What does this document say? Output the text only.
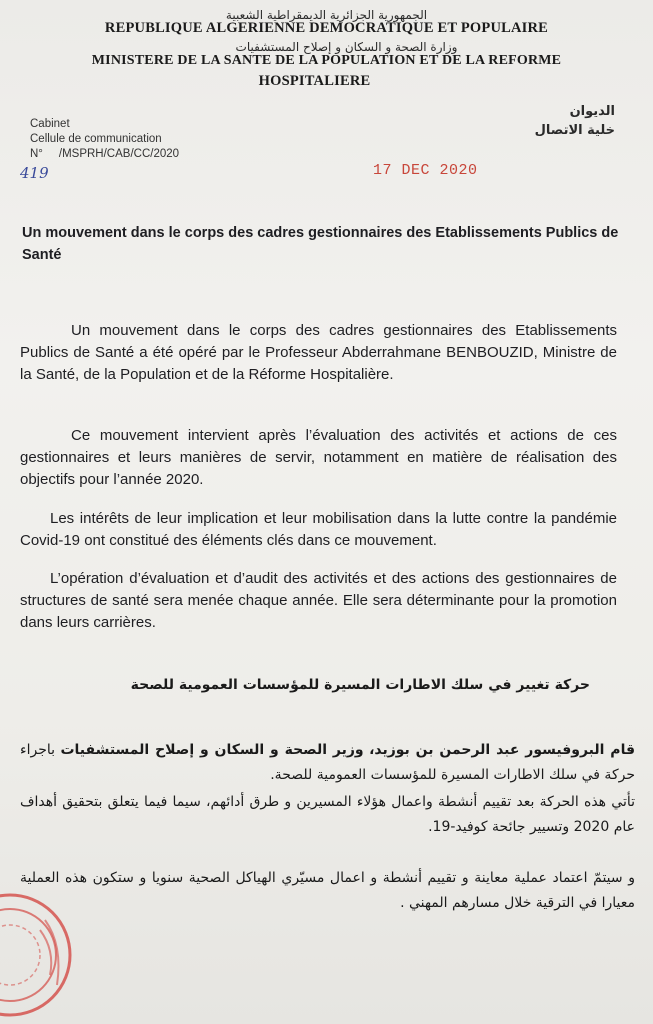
الجمهورية الجزائرية الديمقراطية الشعبية
REPUBLIQUE ALGERIENNE DEMOCRATIQUE ET POPULAIRE
وزارة الصحة و السكان و إصلاح المستشفيات
MINISTERE DE LA SANTE DE LA POPULATION ET DE LA REFORME
HOSPITALIERE
Cabinet
Cellule de communication
N°     /MSPRH/CAB/CC/2020
الديوان
خلية الاتصال
419	17 DEC 2020
Un mouvement dans le corps des cadres gestionnaires des Etablissements Publics de Santé
Un mouvement dans le corps des cadres gestionnaires des Etablissements Publics de Santé a été opéré par le Professeur Abderrahmane BENBOUZID, Ministre de la Santé, de la Population et de la Réforme Hospitalière.
Ce mouvement intervient après l’évaluation des activités et actions de ces gestionnaires et leurs manières de servir, notamment en matière de réalisation des objectifs pour l’année 2020.
Les intérêts de leur implication et leur mobilisation dans la lutte contre la pandémie Covid-19 ont constitué des éléments clés dans ce mouvement.
L’opération d’évaluation et d’audit des activités et des actions des gestionnaires de structures de santé sera menée chaque année. Elle sera déterminante pour la promotion dans leurs carrières.
حركة تغيير في سلك الاطارات المسيرة للمؤسسات العمومية للصحة
قام البروفيسور عبد الرحمن بن بوزيد، وزير الصحة و السكان و إصلاح المستشفيات باجراء حركة في سلك الاطارات المسيرة للمؤسسات العمومية للصحة.
تأتي هذه الحركة بعد تقييم أنشطة واعمال هؤلاء المسيرين و طرق أدائهم، سيما فيما يتعلق بتحقيق أهداف عام 2020 وتسيير جائحة كوفيد-19.
و سيتمّ اعتماد عملية معاينة و تقييم أنشطة و اعمال مسيّري الهياكل الصحية سنويا و ستكون هذه العملية معيارا في الترقية خلال مسارهم المهني .
